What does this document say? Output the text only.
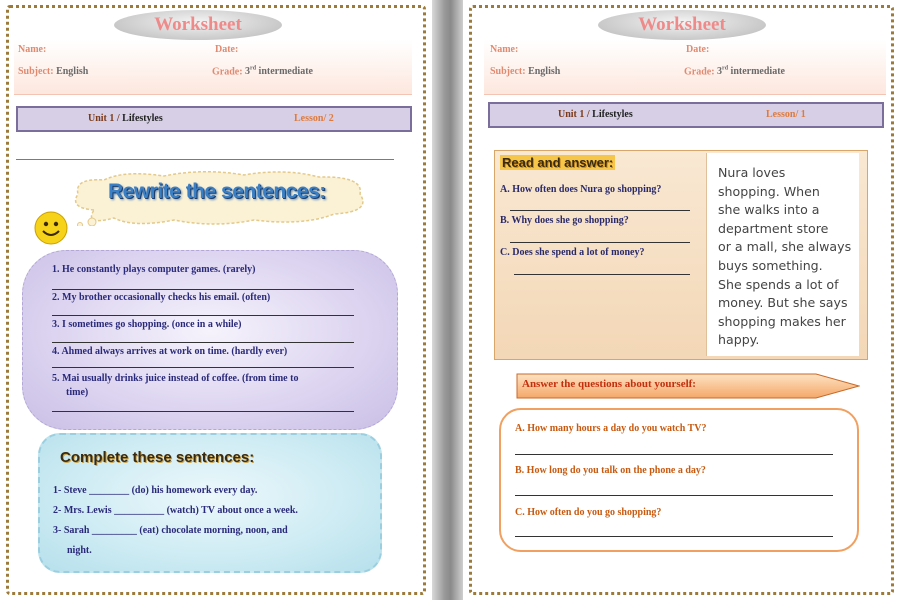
Worksheet
Name:	Date:
Subject: English	Grade: 3rd intermediate
Unit 1 / Lifestyles	Lesson/ 2
Rewrite the sentences:
1. He constantly plays computer games. (rarely)
2. My brother occasionally checks his email. (often)
3. I sometimes go shopping. (once in a while)
4. Ahmed always arrives at work on time. (hardly ever)
5. Mai usually drinks juice instead of coffee. (from time to
time)
Complete these sentences:
1- Steve ________ (do) his homework every day.
2- Mrs. Lewis __________ (watch) TV about once a week.
3- Sarah _________ (eat) chocolate morning, noon, and
night.
Worksheet
Name:	Date:
Subject: English	Grade: 3rd intermediate
Unit 1 / Lifestyles	Lesson/ 1
Read and answer:
A. How often does Nura go shopping?
B. Why does she go shopping?
C. Does she spend a lot of money?
Nura loves
shopping. When
she walks into a
department store
or a mall, she always
buys something.
She spends a lot of
money. But she says
shopping makes her
happy.
Answer the questions about yourself:
A. How many hours a day do you watch TV?
B. How long do you talk on the phone a day?
C. How often do you go shopping?
